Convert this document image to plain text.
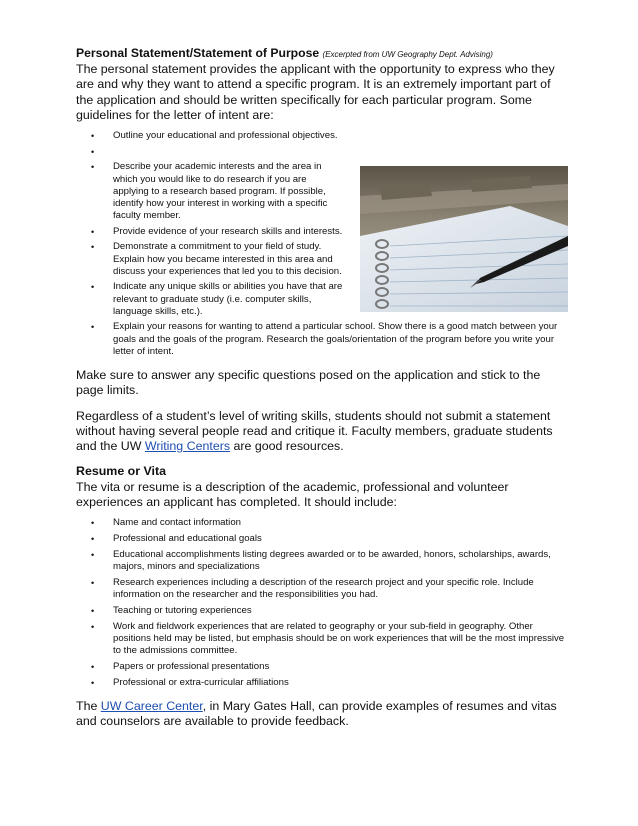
Personal Statement/Statement of Purpose (Excerpted from UW Geography Dept. Advising)

The personal statement provides the applicant with the opportunity to express who they are and why they want to attend a specific program. It is an extremely important part of the application and should be written specifically for each particular program. Some guidelines for the letter of intent are:

• Outline your educational and professional objectives.
•

• Describe your academic interests and the area in which you would like to do research if you are applying to a research based program. If possible, identify how your interest in working with a specific faculty member.
• Provide evidence of your research skills and interests.
• Demonstrate a commitment to your field of study. Explain how you became interested in this area and discuss your experiences that led you to this decision.
• Indicate any unique skills or abilities you have that are relevant to graduate study (i.e. computer skills, language skills, etc.).
• Explain your reasons for wanting to attend a particular school. Show there is a good match between your goals and the goals of the program. Research the goals/orientation of the program before you write your letter of intent.

Make sure to answer any specific questions posed on the application and stick to the page limits.

Regardless of a student’s level of writing skills, students should not submit a statement without having several people read and critique it. Faculty members, graduate students and the UW Writing Centers are good resources.

Resume or Vita

The vita or resume is a description of the academic, professional and volunteer experiences an applicant has completed. It should include:

• Name and contact information
• Professional and educational goals
• Educational accomplishments listing degrees awarded or to be awarded, honors, scholarships, awards, majors, minors and specializations
• Research experiences including a description of the research project and your specific role. Include information on the researcher and the responsibilities you had.
• Teaching or tutoring experiences
• Work and fieldwork experiences that are related to geography or your sub-field in geography. Other positions held may be listed, but emphasis should be on work experiences that will be the most impressive to the admissions committee.
• Papers or professional presentations
• Professional or extra-curricular affiliations

The UW Career Center, in Mary Gates Hall, can provide examples of resumes and vitas and counselors are available to provide feedback.
